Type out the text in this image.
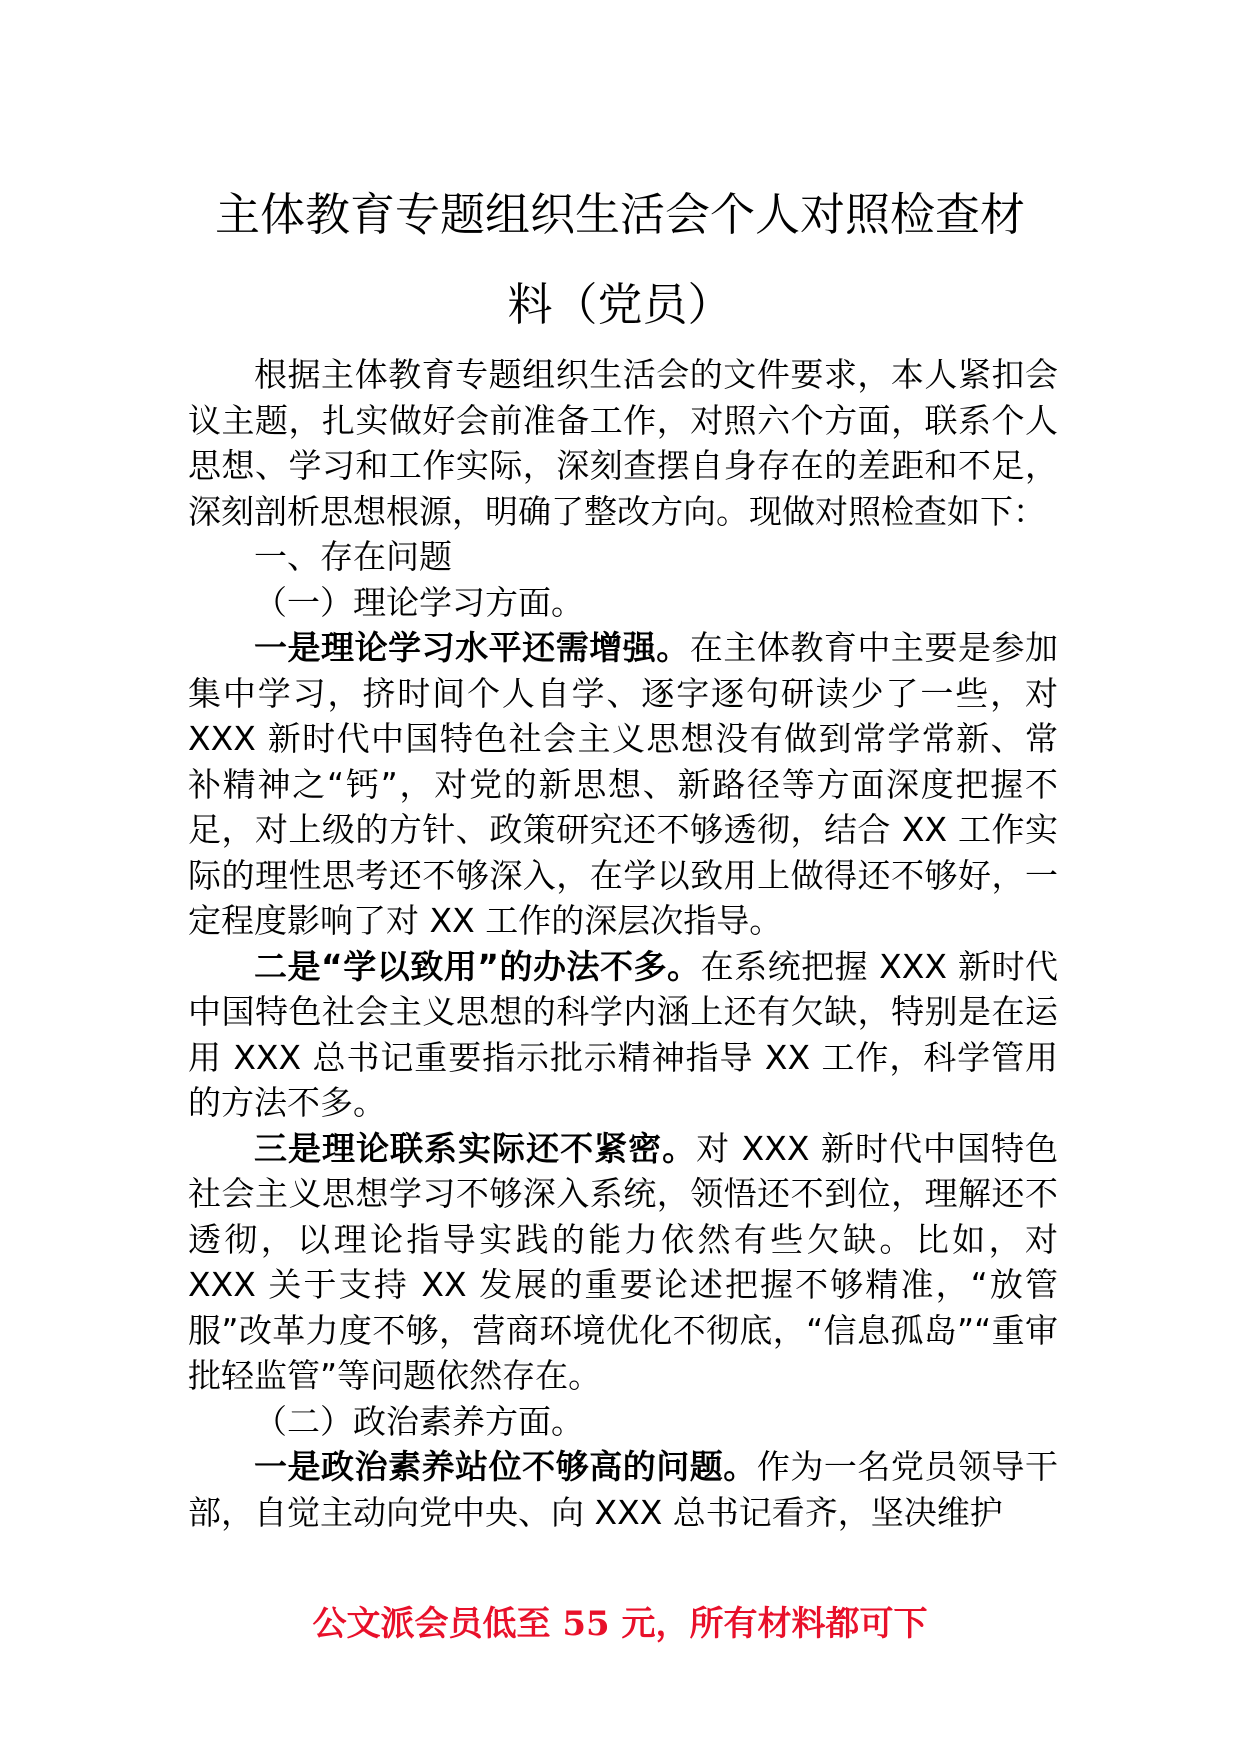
主体教育专题组织生活会个人对照检查材
料（党员）

根据主体教育专题组织生活会的文件要求，本人紧扣会议主题，扎实做好会前准备工作，对照六个方面，联系个人思想、学习和工作实际，深刻查摆自身存在的差距和不足，深刻剖析思想根源，明确了整改方向。现做对照检查如下：

一、存在问题

（一）理论学习方面。

一是理论学习水平还需增强。在主体教育中主要是参加集中学习，挤时间个人自学、逐字逐句研读少了一些，对 XXX 新时代中国特色社会主义思想没有做到常学常新、常补精神之“钙”，对党的新思想、新路径等方面深度把握不足，对上级的方针、政策研究还不够透彻，结合 XX 工作实际的理性思考还不够深入，在学以致用上做得还不够好，一定程度影响了对 XX 工作的深层次指导。

二是“学以致用”的办法不多。在系统把握 XXX 新时代中国特色社会主义思想的科学内涵上还有欠缺，特别是在运用 XXX 总书记重要指示批示精神指导 XX 工作，科学管用的方法不多。

三是理论联系实际还不紧密。对 XXX 新时代中国特色社会主义思想学习不够深入系统，领悟还不到位，理解还不透彻，以理论指导实践的能力依然有些欠缺。比如，对 XXX 关于支持 XX 发展的重要论述把握不够精准，“放管服”改革力度不够，营商环境优化不彻底，“信息孤岛”“重审批轻监管”等问题依然存在。

（二）政治素养方面。

一是政治素养站位不够高的问题。作为一名党员领导干部，自觉主动向党中央、向 XXX 总书记看齐，坚决维护

公文派会员低至 55 元，所有材料都可下
